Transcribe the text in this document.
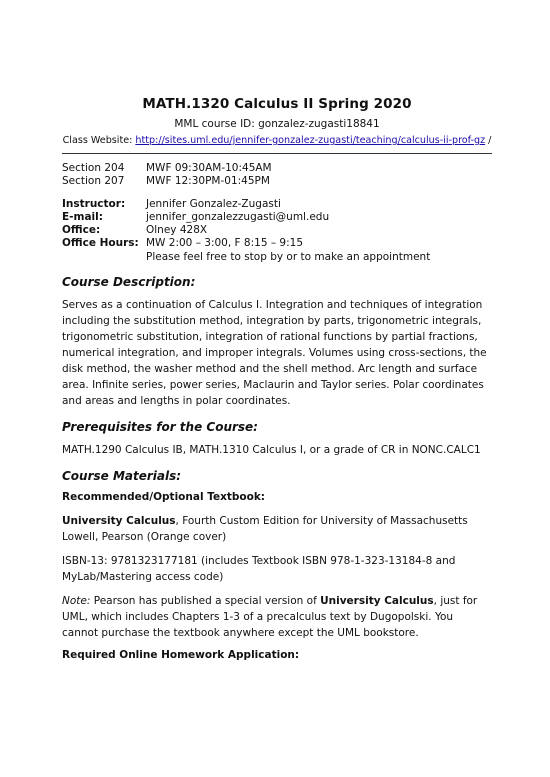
MATH.1320 Calculus II Spring 2020
MML course ID: gonzalez-zugasti18841
Class Website: http://sites.uml.edu/jennifer-gonzalez-zugasti/teaching/calculus-ii-prof-gz /
Section 204	MWF 09:30AM-10:45AM
Section 207	MWF 12:30PM-01:45PM
Instructor:	Jennifer Gonzalez-Zugasti
E-mail:	jennifer_gonzalezzugasti@uml.edu
Office:	Olney 428X
Office Hours: MW 2:00 – 3:00, F 8:15 – 9:15
Please feel free to stop by or to make an appointment
Course Description:

Serves as a continuation of Calculus I. Integration and techniques of integration including the substitution method, integration by parts, trigonometric integrals, trigonometric substitution, integration of rational functions by partial fractions, numerical integration, and improper integrals. Volumes using cross-sections, the disk method, the washer method and the shell method. Arc length and surface area. Infinite series, power series, Maclaurin and Taylor series. Polar coordinates and areas and lengths in polar coordinates.

Prerequisites for the Course:

MATH.1290 Calculus IB, MATH.1310 Calculus I, or a grade of CR in NONC.CALC1

Course Materials:
Recommended/Optional Textbook:

University Calculus, Fourth Custom Edition for University of Massachusetts Lowell, Pearson (Orange cover)

ISBN-13: 9781323177181 (includes Textbook ISBN 978-1-323-13184-8 and MyLab/Mastering access code)

Note: Pearson has published a special version of University Calculus, just for UML, which includes Chapters 1-3 of a precalculus text by Dugopolski. You cannot purchase the textbook anywhere except the UML bookstore.

Required Online Homework Application:
